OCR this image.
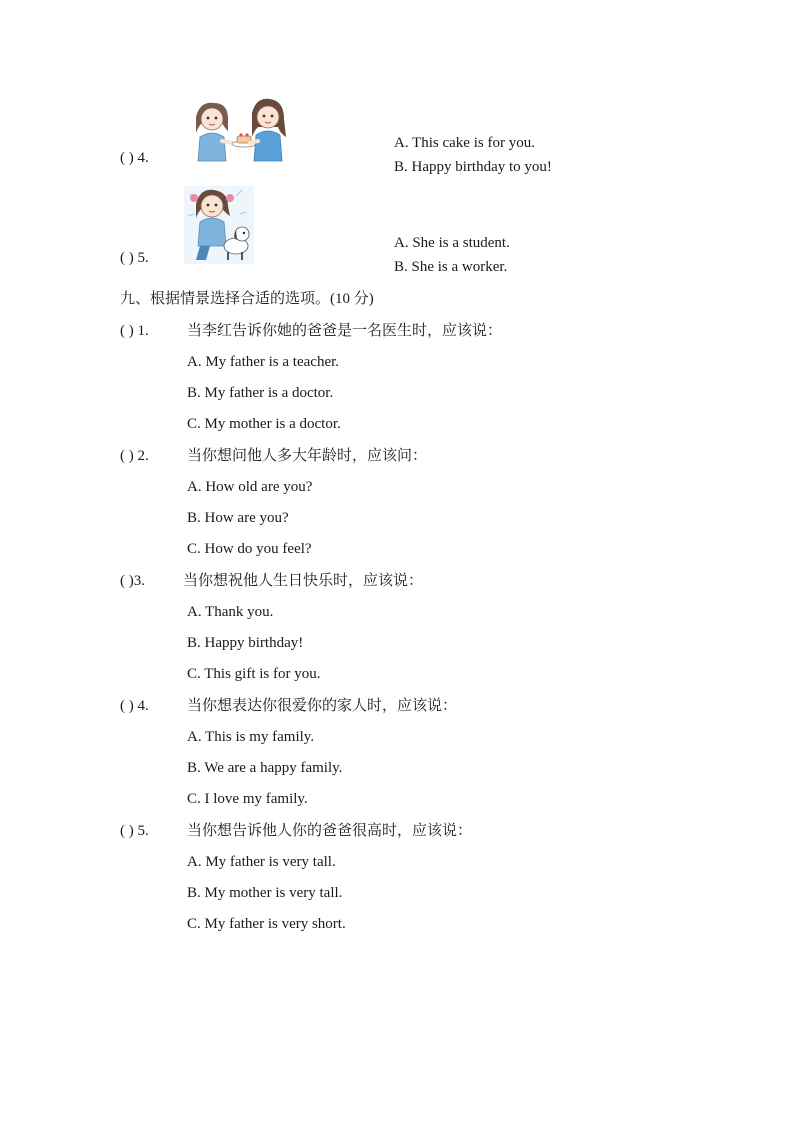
( ) 4.
A. This cake is for you.
B. Happy birthday to you!
( ) 5.
A. She is a student.
B. She is a worker.
九、根据情景选择合适的选项。(10 分)
( ) 1.	当李红告诉你她的爸爸是一名医生时，应该说：
A. My father is a teacher.
B. My father is a doctor.
C. My mother is a doctor.
( ) 2.	当你想问他人多大年龄时，应该问：
A. How old are you?
B. How are you?
C. How do you feel?
( )3.	当你想祝他人生日快乐时，应该说：
A. Thank you.
B. Happy birthday!
C. This gift is for you.
( ) 4.	当你想表达你很爱你的家人时，应该说：
A. This is my family.
B. We are a happy family.
C. I love my family.
( ) 5.	当你想告诉他人你的爸爸很高时，应该说：
A. My father is very tall.
B. My mother is very tall.
C. My father is very short.
